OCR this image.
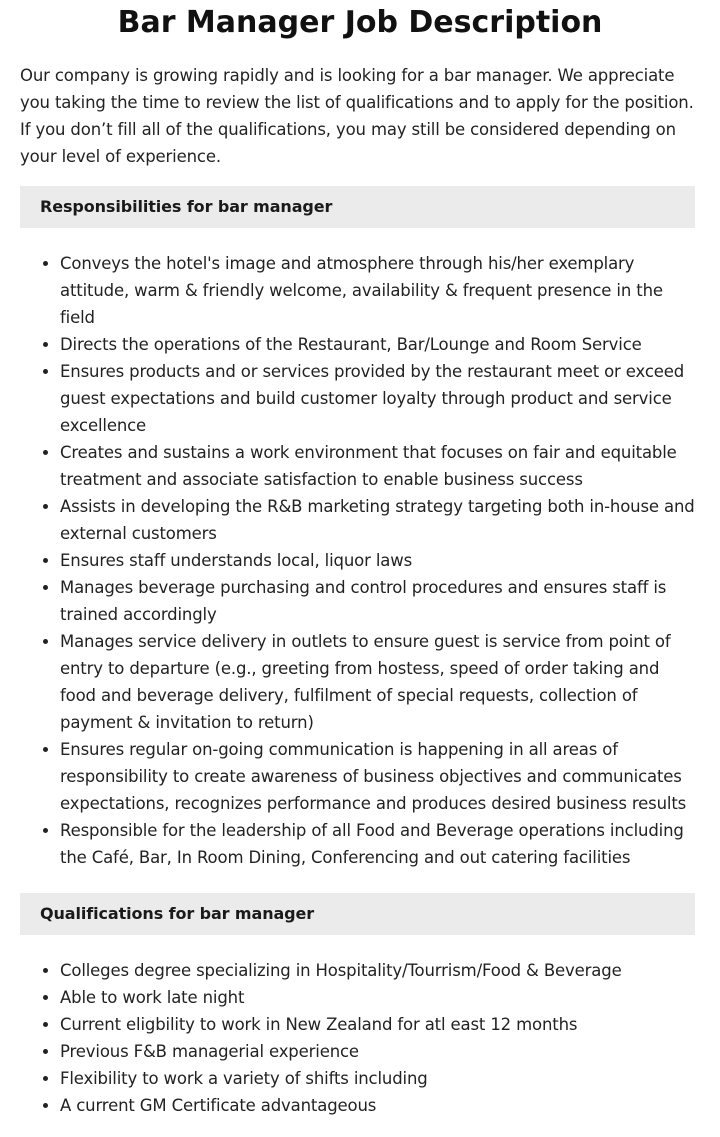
Bar Manager Job Description

Our company is growing rapidly and is looking for a bar manager. We appreciate you taking the time to review the list of qualifications and to apply for the position. If you don’t fill all of the qualifications, you may still be considered depending on your level of experience.

Responsibilities for bar manager
Conveys the hotel's image and atmosphere through his/her exemplary attitude, warm & friendly welcome, availability & frequent presence in the field
Directs the operations of the Restaurant, Bar/Lounge and Room Service
Ensures products and or services provided by the restaurant meet or exceed guest expectations and build customer loyalty through product and service excellence
Creates and sustains a work environment that focuses on fair and equitable treatment and associate satisfaction to enable business success
Assists in developing the R&B marketing strategy targeting both in-house and external customers
Ensures staff understands local, liquor laws
Manages beverage purchasing and control procedures and ensures staff is trained accordingly
Manages service delivery in outlets to ensure guest is service from point of entry to departure (e.g., greeting from hostess, speed of order taking and food and beverage delivery, fulfilment of special requests, collection of payment & invitation to return)
Ensures regular on-going communication is happening in all areas of responsibility to create awareness of business objectives and communicates expectations, recognizes performance and produces desired business results
Responsible for the leadership of all Food and Beverage operations including the Café, Bar, In Room Dining, Conferencing and out catering facilities
Qualifications for bar manager
Colleges degree specializing in Hospitality/Tourrism/Food & Beverage
Able to work late night
Current eligbility to work in New Zealand for atl east 12 months
Previous F&B managerial experience
Flexibility to work a variety of shifts including
A current GM Certificate advantageous
